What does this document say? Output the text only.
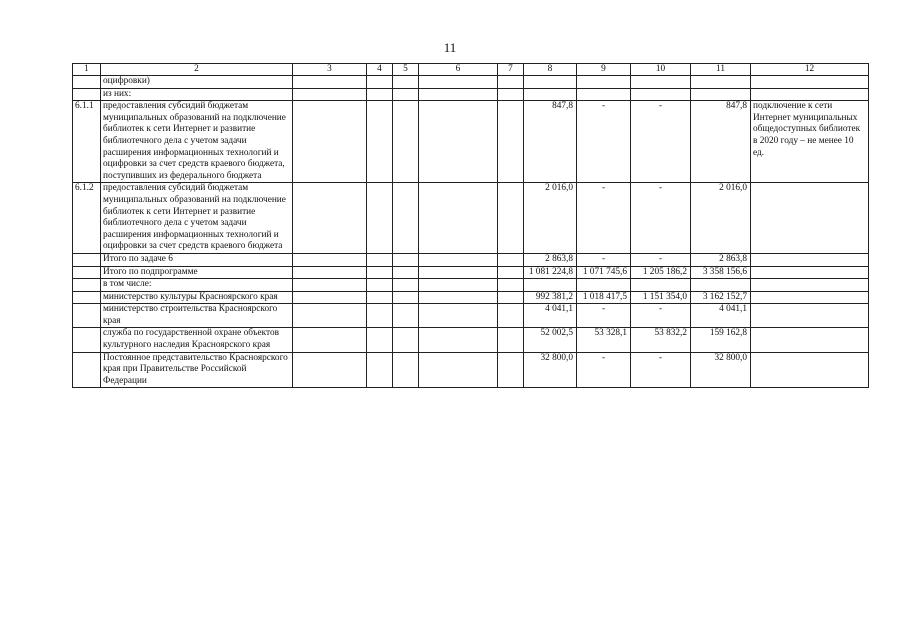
11
1	2	3	4	5	6	7	8	9	10	11	12
	оцифровки)										
	из них:										
6.1.1	предоставления субсидий бюджетам муниципальных образований на подключение библиотек к сети Интернет и развитие библиотечного дела с учетом задачи расширения информационных технологий и оцифровки за счет средств краевого бюджета, поступивших из федерального бюджета						847,8	-	-	847,8	подключение к сети Интернет муниципальных общедоступных библиотек в 2020 году – не менее 10 ед.
6.1.2	предоставления субсидий бюджетам муниципальных образований на подключение библиотек к сети Интернет и развитие библиотечного дела с учетом задачи расширения информационных технологий и оцифровки за счет средств краевого бюджета						2 016,0	-	-	2 016,0	
	Итого по задаче 6						2 863,8	-	-	2 863,8	
	Итого по подпрограмме						1 081 224,8	1 071 745,6	1 205 186,2	3 358 156,6	
	в том числе:										
	министерство культуры Красноярского края						992 381,2	1 018 417,5	1 151 354,0	3 162 152,7	
	министерство строительства Красноярского края						4 041,1	-	-	4 041,1	
	служба по государственной охране объектов культурного наследия Красноярского края						52 002,5	53 328,1	53 832,2	159 162,8	
	Постоянное представительство Красноярского края при Правительстве Российской Федерации						32 800,0	-	-	32 800,0	
